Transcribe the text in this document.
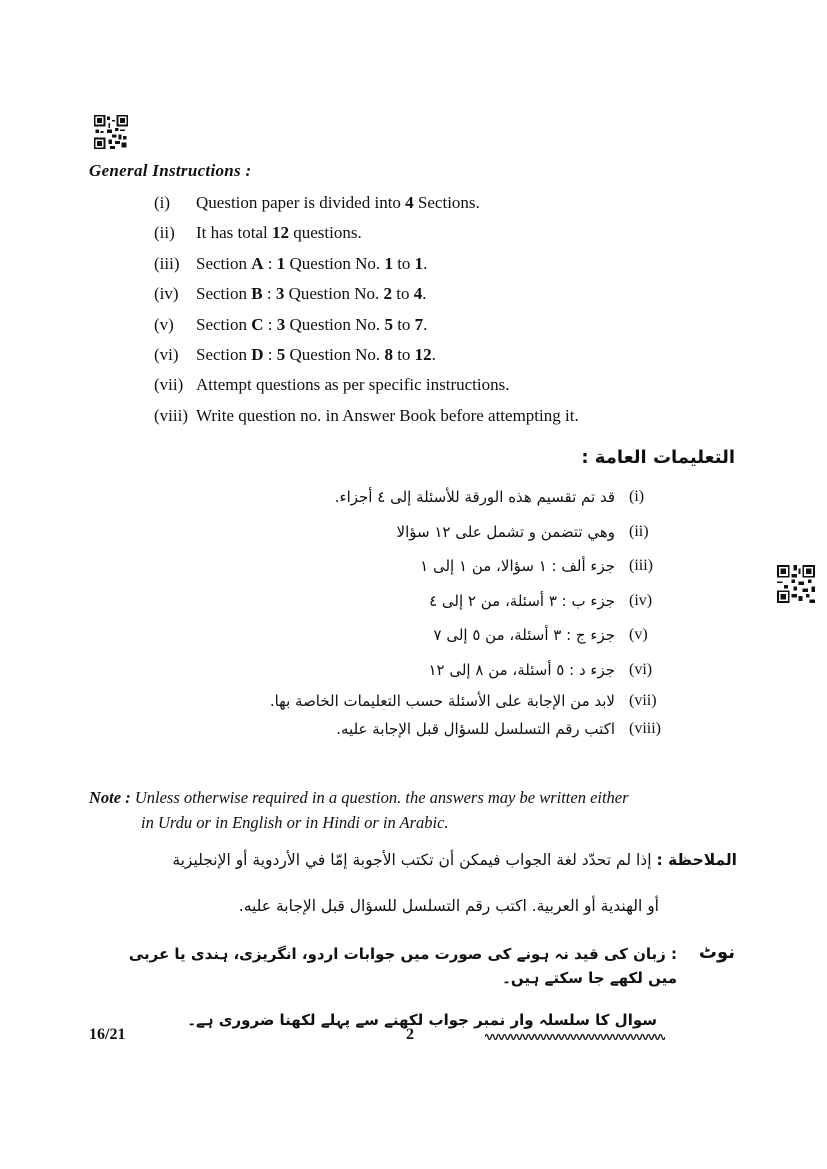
General Instructions :
(i) Question paper is divided into 4 Sections.
(ii) It has total 12 questions.
(iii) Section A : 1 Question No. 1 to 1.
(iv) Section B : 3 Question No. 2 to 4.
(v) Section C : 3 Question No. 5 to 7.
(vi) Section D : 5 Question No. 8 to 12.
(vii) Attempt questions as per specific instructions.
(viii) Write question no. in Answer Book before attempting it.
التعليمات العامة :
قد تم تقسيم هذه الورقة للأسئلة إلى ٤ أجزاء. (i)
وهي تتضمن و تشمل على ١٢ سؤالا (ii)
جزء ألف : ١ سؤالا، من ١ إلى ١ (iii)
جزء ب : ٣ أسئلة، من ٢ إلى ٤ (iv)
جزء ج : ٣ أسئلة، من ٥ إلى ٧ (v)
جزء د : ٥ أسئلة، من ٨ إلى ١٢ (vi)
لابد من الإجابة على الأسئلة حسب التعليمات الخاصة بها. (vii)
اكتب رقم التسلسل للسؤال قبل الإجابة عليه. (viii)
Note : Unless otherwise required in a question. the answers may be written either
in Urdu or in English or in Hindi or in Arabic.
الملاحظة : إذا لم تحدّد لغة الجواب فيمكن أن تكتب الأجوبة إمّا في الأردوية أو الإنجليزية
أو الهندية أو العربية. اكتب رقم التسلسل للسؤال قبل الإجابة عليه.
نوٹ
: زبان کی قید نہ ہونے کی صورت میں جوابات اردو، انگریزی، ہندی یا عربی میں لکھے جا سکتے ہیں۔
سوال کا سلسلہ وار نمبر جواب لکھنے سے پہلے لکھنا ضروری ہے۔
16/21	2
